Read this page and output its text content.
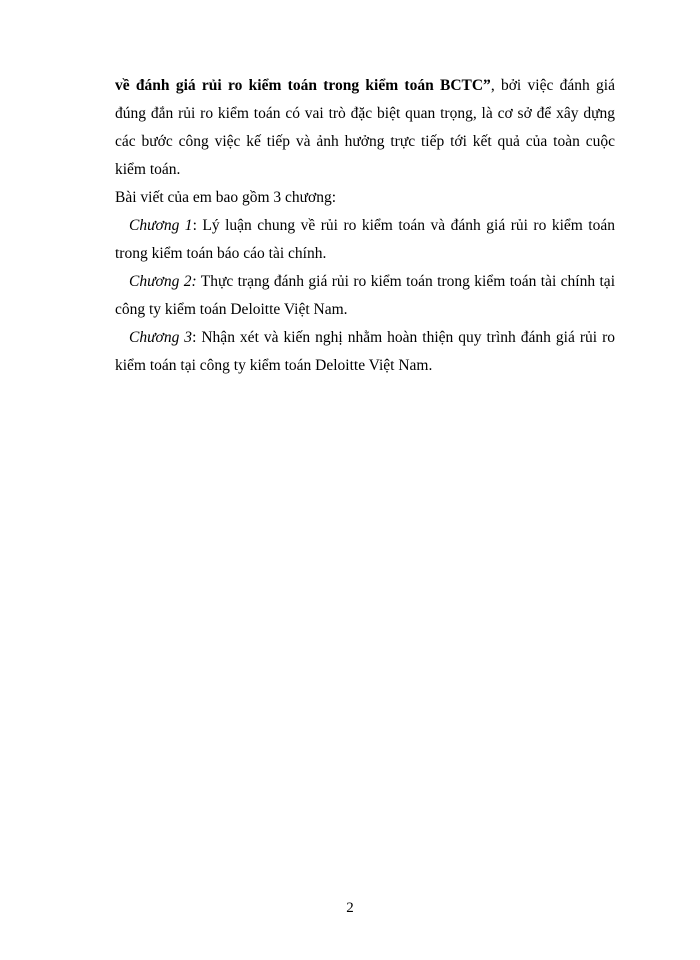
về đánh giá rủi ro kiểm toán trong kiểm toán BCTC”, bởi việc đánh giá đúng đắn rủi ro kiểm toán có vai trò đặc biệt quan trọng, là cơ sở để xây dựng các bước công việc kế tiếp và ảnh hưởng trực tiếp tới kết quả của toàn cuộc kiểm toán.

Bài viết của em bao gồm 3 chương:

Chương 1: Lý luận chung về rủi ro kiểm toán và đánh giá rủi ro kiểm toán trong kiểm toán báo cáo tài chính.

Chương 2: Thực trạng đánh giá rủi ro kiểm toán trong kiểm toán tài chính tại công ty kiểm toán Deloitte Việt Nam.

Chương 3: Nhận xét và kiến nghị nhằm hoàn thiện quy trình đánh giá rủi ro kiểm toán tại công ty kiểm toán Deloitte Việt Nam.

2
